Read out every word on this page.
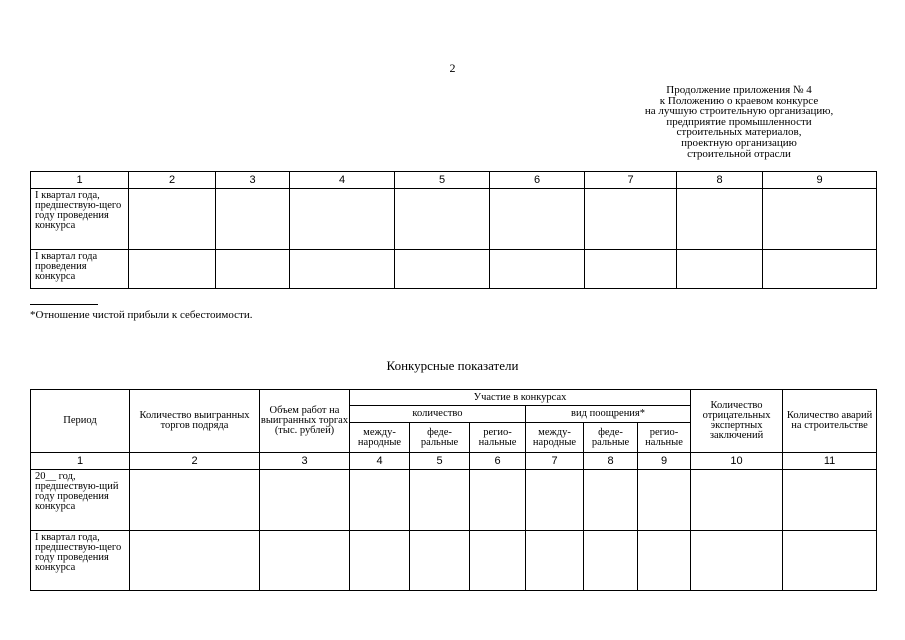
2
Продолжение приложения № 4
к Положению о краевом конкурсе
на лучшую строительную организацию,
предприятие промышленности
строительных материалов,
проектную организацию
строительной отрасли
1	2	3	4	5	6	7	8	9
I квартал года, предшествую-щего году проведения конкурса								
I квартал года проведения конкурса								
*Отношение чистой прибыли к себестоимости.
Конкурсные показатели
Период	Количество выигранных торгов подряда	Объем работ на выигранных торгах (тыс. рублей)	Участие в конкурсах						Количество отрицательных экспертных заключений	Количество аварий на строительстве
			количество			вид поощрения*				
			между-народные	феде-ральные	регио-нальные	между-народные	феде-ральные	регио-нальные		
1	2	3	4	5	6	7	8	9	10	11
20__ год, предшествую-щий году проведения конкурса										
I квартал года, предшествую-щего году проведения конкурса										
